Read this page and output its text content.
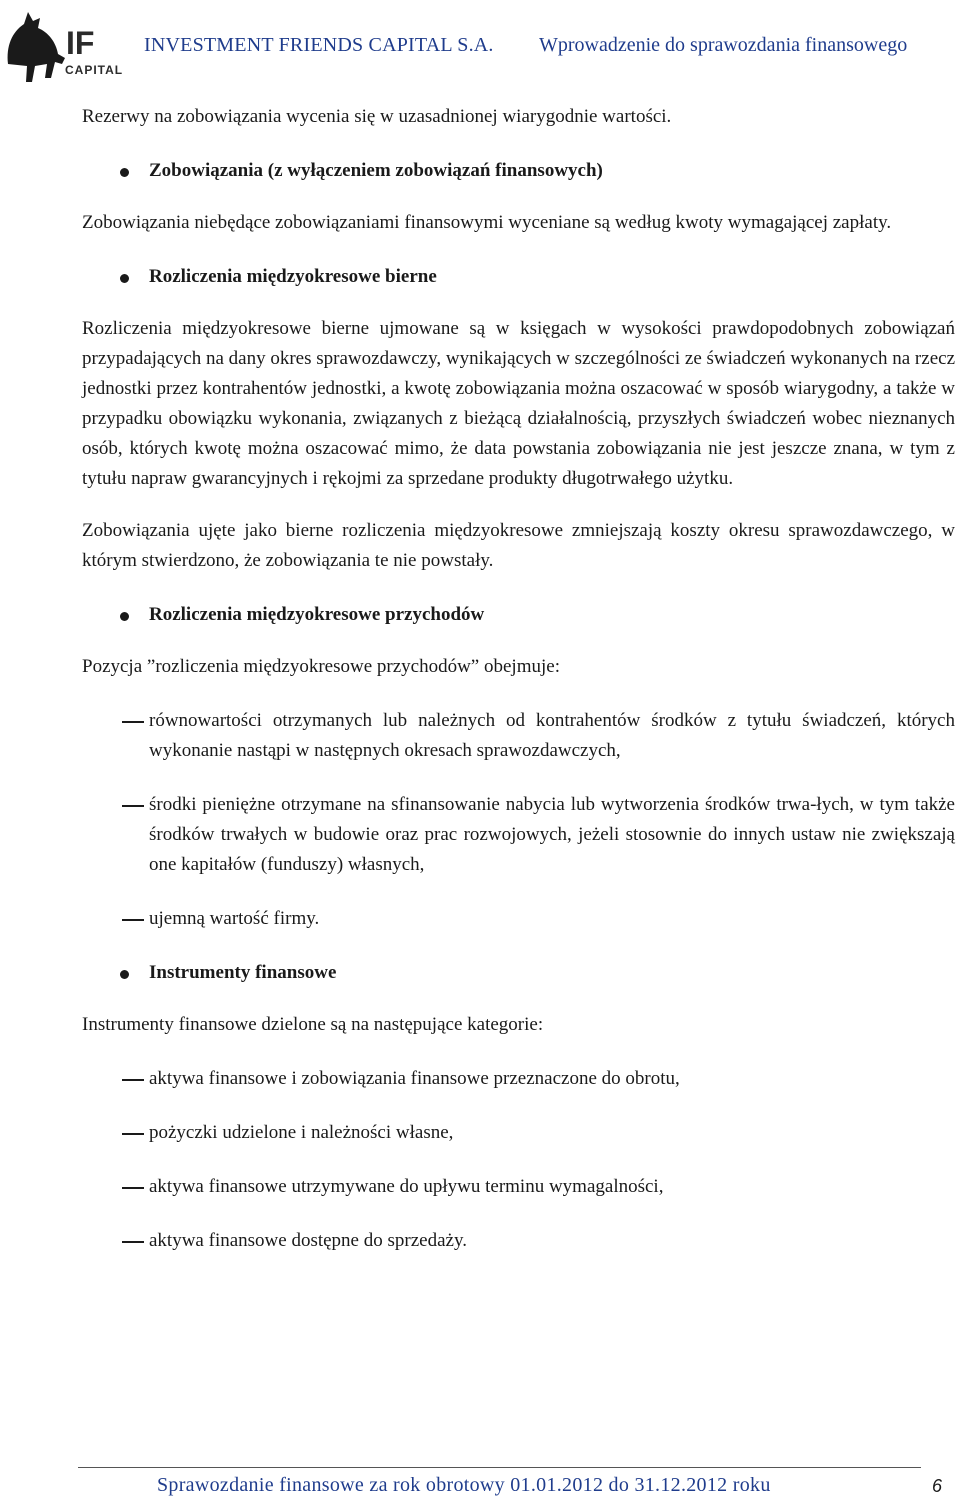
IF
CAPITAL
INVESTMENT FRIENDS CAPITAL S.A. Wprowadzenie do sprawozdania finansowego

Rezerwy na zobowiązania wycenia się w uzasadnionej wiarygodnie wartości.

Zobowiązania (z wyłączeniem zobowiązań finansowych)

Zobowiązania niebędące zobowiązaniami finansowymi wyceniane są według kwoty wymagającej zapłaty.

Rozliczenia międzyokresowe bierne

Rozliczenia międzyokresowe bierne ujmowane są w księgach w wysokości prawdopodobnych zobowiązań przypadających na dany okres sprawozdawczy, wynikających w szczególności ze świadczeń wykonanych na rzecz jednostki przez kontrahentów jednostki, a kwotę zobowiązania można oszacować w sposób wiarygodny, a także w przypadku obowiązku wykonania, związanych z bieżącą działalnością, przyszłych świadczeń wobec nieznanych osób, których kwotę można oszacować mimo, że data powstania zobowiązania nie jest jeszcze znana, w tym z tytułu napraw gwarancyjnych i rękojmi za sprzedane produkty długotrwałego użytku.

Zobowiązania ujęte jako bierne rozliczenia międzyokresowe zmniejszają koszty okresu sprawozdawczego, w którym stwierdzono, że zobowiązania te nie powstały.

Rozliczenia międzyokresowe przychodów

Pozycja ”rozliczenia międzyokresowe przychodów” obejmuje:

równowartości otrzymanych lub należnych od kontrahentów środków z tytułu świadczeń, których wykonanie nastąpi w następnych okresach sprawozdawczych,
środki pieniężne otrzymane na sfinansowanie nabycia lub wytworzenia środków trwa-łych, w tym także środków trwałych w budowie oraz prac rozwojowych, jeżeli stosownie do innych ustaw nie zwiększają one kapitałów (funduszy) własnych,
ujemną wartość firmy.
Instrumenty finansowe

Instrumenty finansowe dzielone są na następujące kategorie:

aktywa finansowe i zobowiązania finansowe przeznaczone do obrotu,
pożyczki udzielone i należności własne,
aktywa finansowe utrzymywane do upływu terminu wymagalności,
aktywa finansowe dostępne do sprzedaży.
Sprawozdanie finansowe za rok obrotowy 01.01.2012 do 31.12.2012 roku	6
